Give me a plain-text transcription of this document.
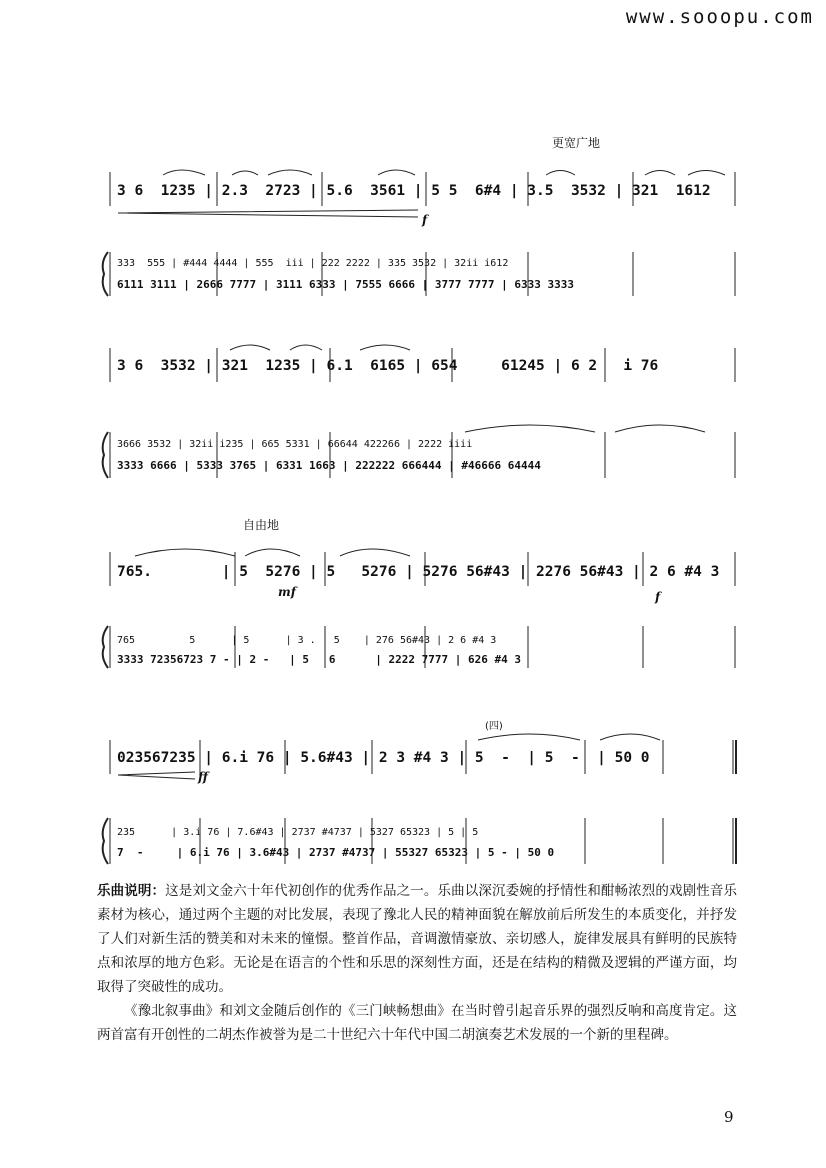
www.sooopu.com
更宽广地
自由地
(四)
f
mf	f
ff
3 6  1235 | 2.3  2723 | 5.6  3561 | 5 5  6#4 | 3.5  3532 | 321  1612
333  555 | #444 4444 | 555  iii | 222 2222 | 335 3532 | 32ii i612
6111 3111 | 2666 7777 | 3111 6333 | 7555 6666 | 3777 7777 | 6333 3333
3 6  3532 | 321  1235 | 6.1  6165 | 654     61245 | 6 2   i 76
3666 3532 | 32ii i235 | 665 5331 | 66644 422266 | 2222 iiii
3333 6666 | 5333 3765 | 6331 1663 | 222222 666444 | #46666 64444
765.        | 5  5276 | 5   5276 | 5276 56#43 | 2276 56#43 | 2 6 #4 3
765         5      | 5      | 3 .   5    | 276 56#43 | 2 6 #4 3
3333 72356723 7 - | 2 -   | 5   6      | 2222 7777 | 626 #4 3
023567235 | 6.i 76 | 5.6#43 | 2 3 #4 3 | 5  -  | 5  -  | 50 0
235      | 3.i 76 | 7.6#43 | 2737 #4737 | 5327 65323 | 5 | 5
7  -     | 6.i 76 | 3.6#43 | 2737 #4737 | 55327 65323 | 5 - | 50 0

乐曲说明：这是刘文金六十年代初创作的优秀作品之一。乐曲以深沉委婉的抒情性和酣畅浓烈的戏剧性音乐素材为核心，通过两个主题的对比发展，表现了豫北人民的精神面貌在解放前后所发生的本质变化，并抒发了人们对新生活的赞美和对未来的憧憬。整首作品，音调激情豪放、亲切感人，旋律发展具有鲜明的民族特点和浓厚的地方色彩。无论是在语言的个性和乐思的深刻性方面，还是在结构的精微及逻辑的严谨方面，均取得了突破性的成功。

《豫北叙事曲》和刘文金随后创作的《三门峡畅想曲》在当时曾引起音乐界的强烈反响和高度肯定。这两首富有开创性的二胡杰作被誉为是二十世纪六十年代中国二胡演奏艺术发展的一个新的里程碑。

9
